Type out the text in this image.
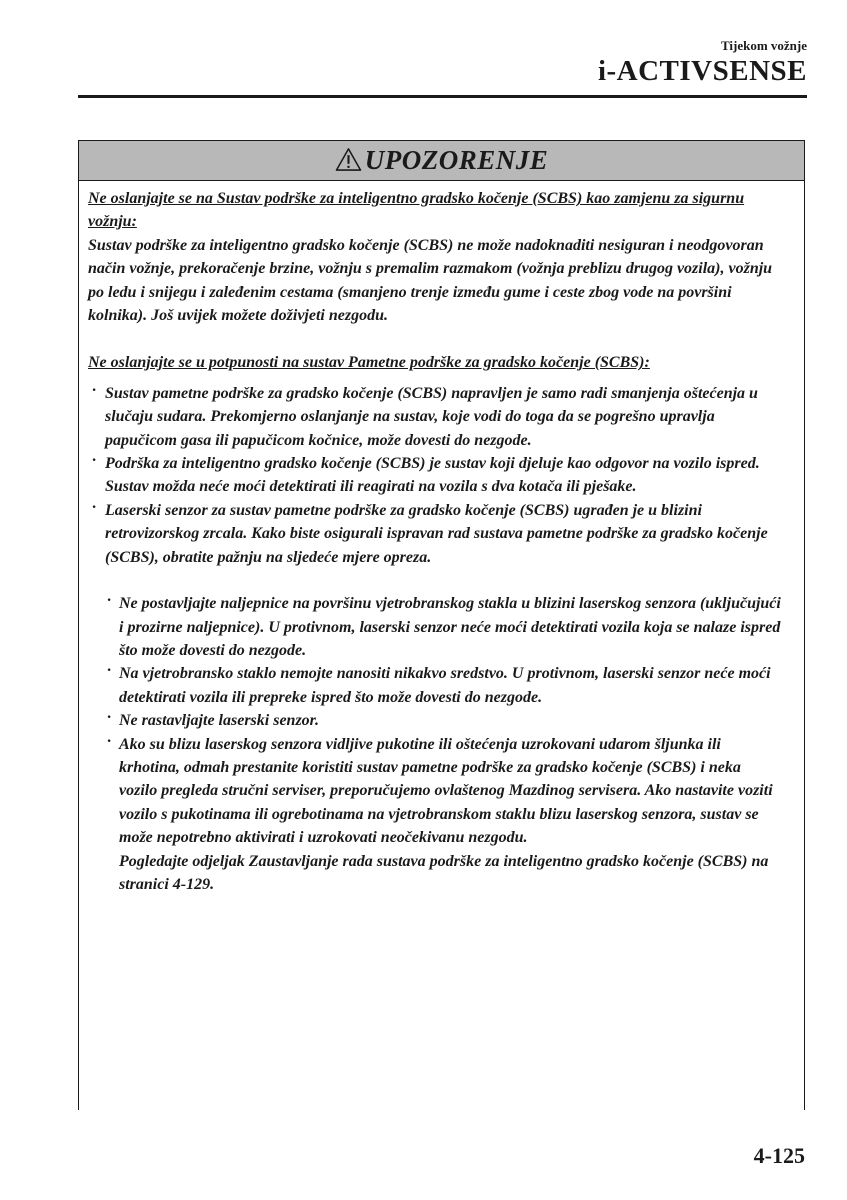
Tijekom vožnje
i-ACTIVSENSE
UPOZORENJE

Ne oslanjajte se na Sustav podrške za inteligentno gradsko kočenje (SCBS) kao zamjenu za sigurnu vožnju:

Sustav podrške za inteligentno gradsko kočenje (SCBS) ne može nadoknaditi nesiguran i neodgovoran način vožnje, prekoračenje brzine, vožnju s premalim razmakom (vožnja preblizu drugog vozila), vožnju po ledu i snijegu i zaleđenim cestama (smanjeno trenje između gume i ceste zbog vode na površini kolnika). Još uvijek možete doživjeti nezgodu.

Ne oslanjajte se u potpunosti na sustav Pametne podrške za gradsko kočenje (SCBS):

· Sustav pametne podrške za gradsko kočenje (SCBS) napravljen je samo radi smanjenja oštećenja u slučaju sudara. Prekomjerno oslanjanje na sustav, koje vodi do toga da se pogrešno upravlja papučicom gasa ili papučicom kočnice, može dovesti do nezgode.
· Podrška za inteligentno gradsko kočenje (SCBS) je sustav koji djeluje kao odgovor na vozilo ispred. Sustav možda neće moći detektirati ili reagirati na vozila s dva kotača ili pješake.
· Laserski senzor za sustav pametne podrške za gradsko kočenje (SCBS) ugrađen je u blizini retrovizorskog zrcala. Kako biste osigurali ispravan rad sustava pametne podrške za gradsko kočenje (SCBS), obratite pažnju na sljedeće mjere opreza.
· Ne postavljajte naljepnice na površinu vjetrobranskog stakla u blizini laserskog senzora (uključujući i prozirne naljepnice). U protivnom, laserski senzor neće moći detektirati vozila koja se nalaze ispred što može dovesti do nezgode.
· Na vjetrobransko staklo nemojte nanositi nikakvo sredstvo. U protivnom, laserski senzor neće moći detektirati vozila ili prepreke ispred što može dovesti do nezgode.
· Ne rastavljajte laserski senzor.
· Ako su blizu laserskog senzora vidljive pukotine ili oštećenja uzrokovani udarom šljunka ili krhotina, odmah prestanite koristiti sustav pametne podrške za gradsko kočenje (SCBS) i neka vozilo pregleda stručni serviser, preporučujemo ovlaštenog Mazdinog servisera. Ako nastavite voziti vozilo s pukotinama ili ogrebotinama na vjetrobranskom staklu blizu laserskog senzora, sustav se može nepotrebno aktivirati i uzrokovati neočekivanu nezgodu.

Pogledajte odjeljak Zaustavljanje rada sustava podrške za inteligentno gradsko kočenje (SCBS) na stranici 4-129.

4-125
